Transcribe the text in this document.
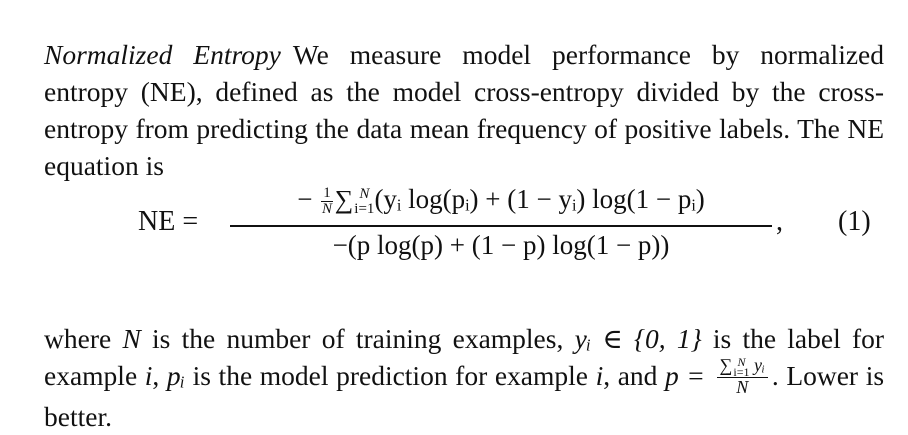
Normalized Entropy We measure model performance by normalized entropy (NE), defined as the model cross-entropy divided by the cross-entropy from predicting the data mean frequency of positive labels. The NE equation is

NE =
− $\frac{1}{N}$ ∑ N
i=1 (yᵢ log(pᵢ) + (1 − yᵢ) log(1 − pᵢ)
−(p log(p) + (1 − p) log(1 − p))
, (1)

where N is the number of training examples, yᵢ ∈ {0, 1} is the label for example i, pᵢ is the model prediction for example i, and p = ∑ N
i=1 yᵢ
N . Lower is better.
